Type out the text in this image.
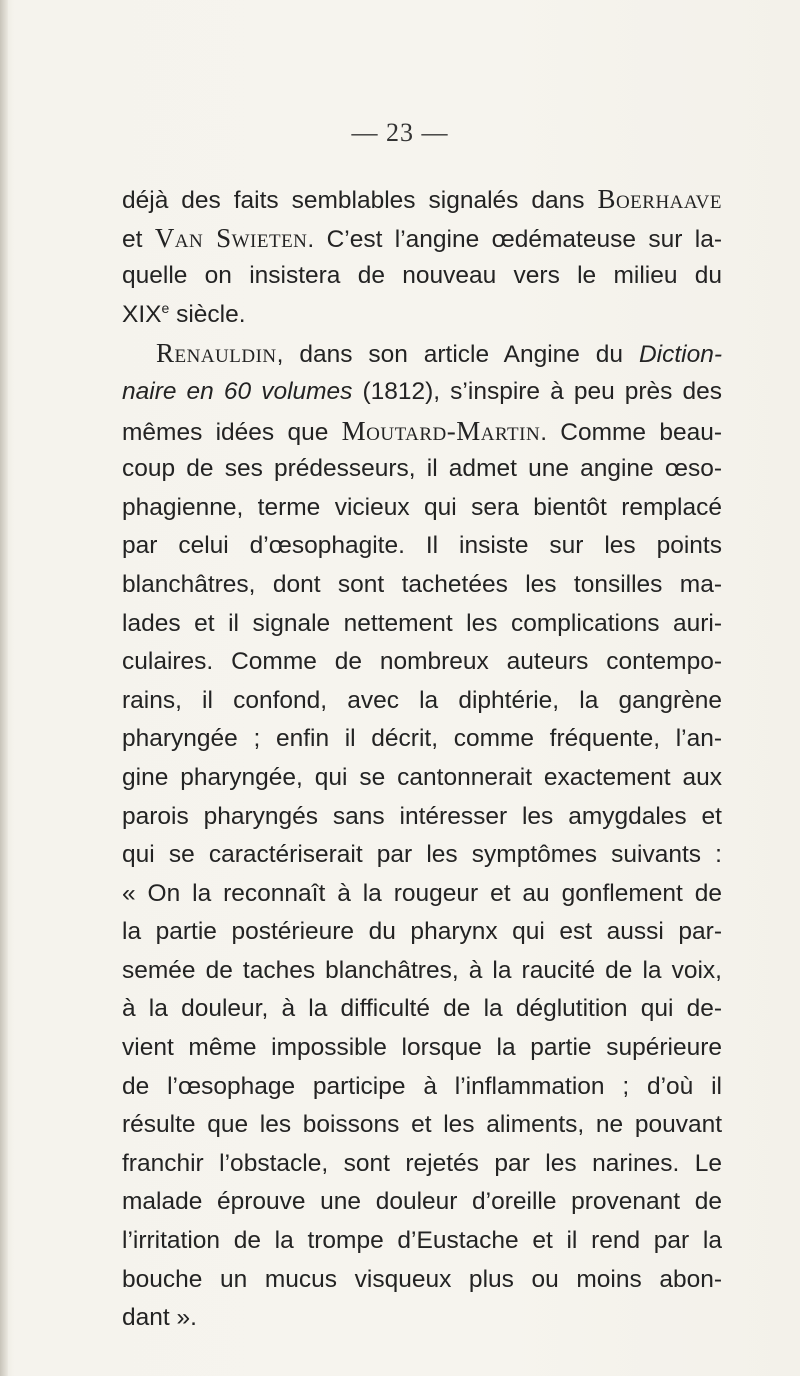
— 23 —
déjà des faits semblables signalés dans Boerhaave
et Van Swieten. C’est l’angine œdémateuse sur la-
quelle on insistera de nouveau vers le milieu du
XIXe siècle.
Renauldin, dans son article Angine du Diction-
naire en 60 volumes (1812), s’inspire à peu près des
mêmes idées que Moutard-Martin. Comme beau-
coup de ses prédesseurs, il admet une angine œso-
phagienne, terme vicieux qui sera bientôt remplacé
par celui d’œsophagite. Il insiste sur les points
blanchâtres, dont sont tachetées les tonsilles ma-
lades et il signale nettement les complications auri-
culaires. Comme de nombreux auteurs contempo-
rains, il confond, avec la diphtérie, la gangrène
pharyngée ; enfin il décrit, comme fréquente, l’an-
gine pharyngée, qui se cantonnerait exactement aux
parois pharyngés sans intéresser les amygdales et
qui se caractériserait par les symptômes suivants :
« On la reconnaît à la rougeur et au gonflement de
la partie postérieure du pharynx qui est aussi par-
semée de taches blanchâtres, à la raucité de la voix,
à la douleur, à la difficulté de la déglutition qui de-
vient même impossible lorsque la partie supérieure
de l’œsophage participe à l’inflammation ; d’où il
résulte que les boissons et les aliments, ne pouvant
franchir l’obstacle, sont rejetés par les narines. Le
malade éprouve une douleur d’oreille provenant de
l’irritation de la trompe d’Eustache et il rend par la
bouche un mucus visqueux plus ou moins abon-
dant ».
